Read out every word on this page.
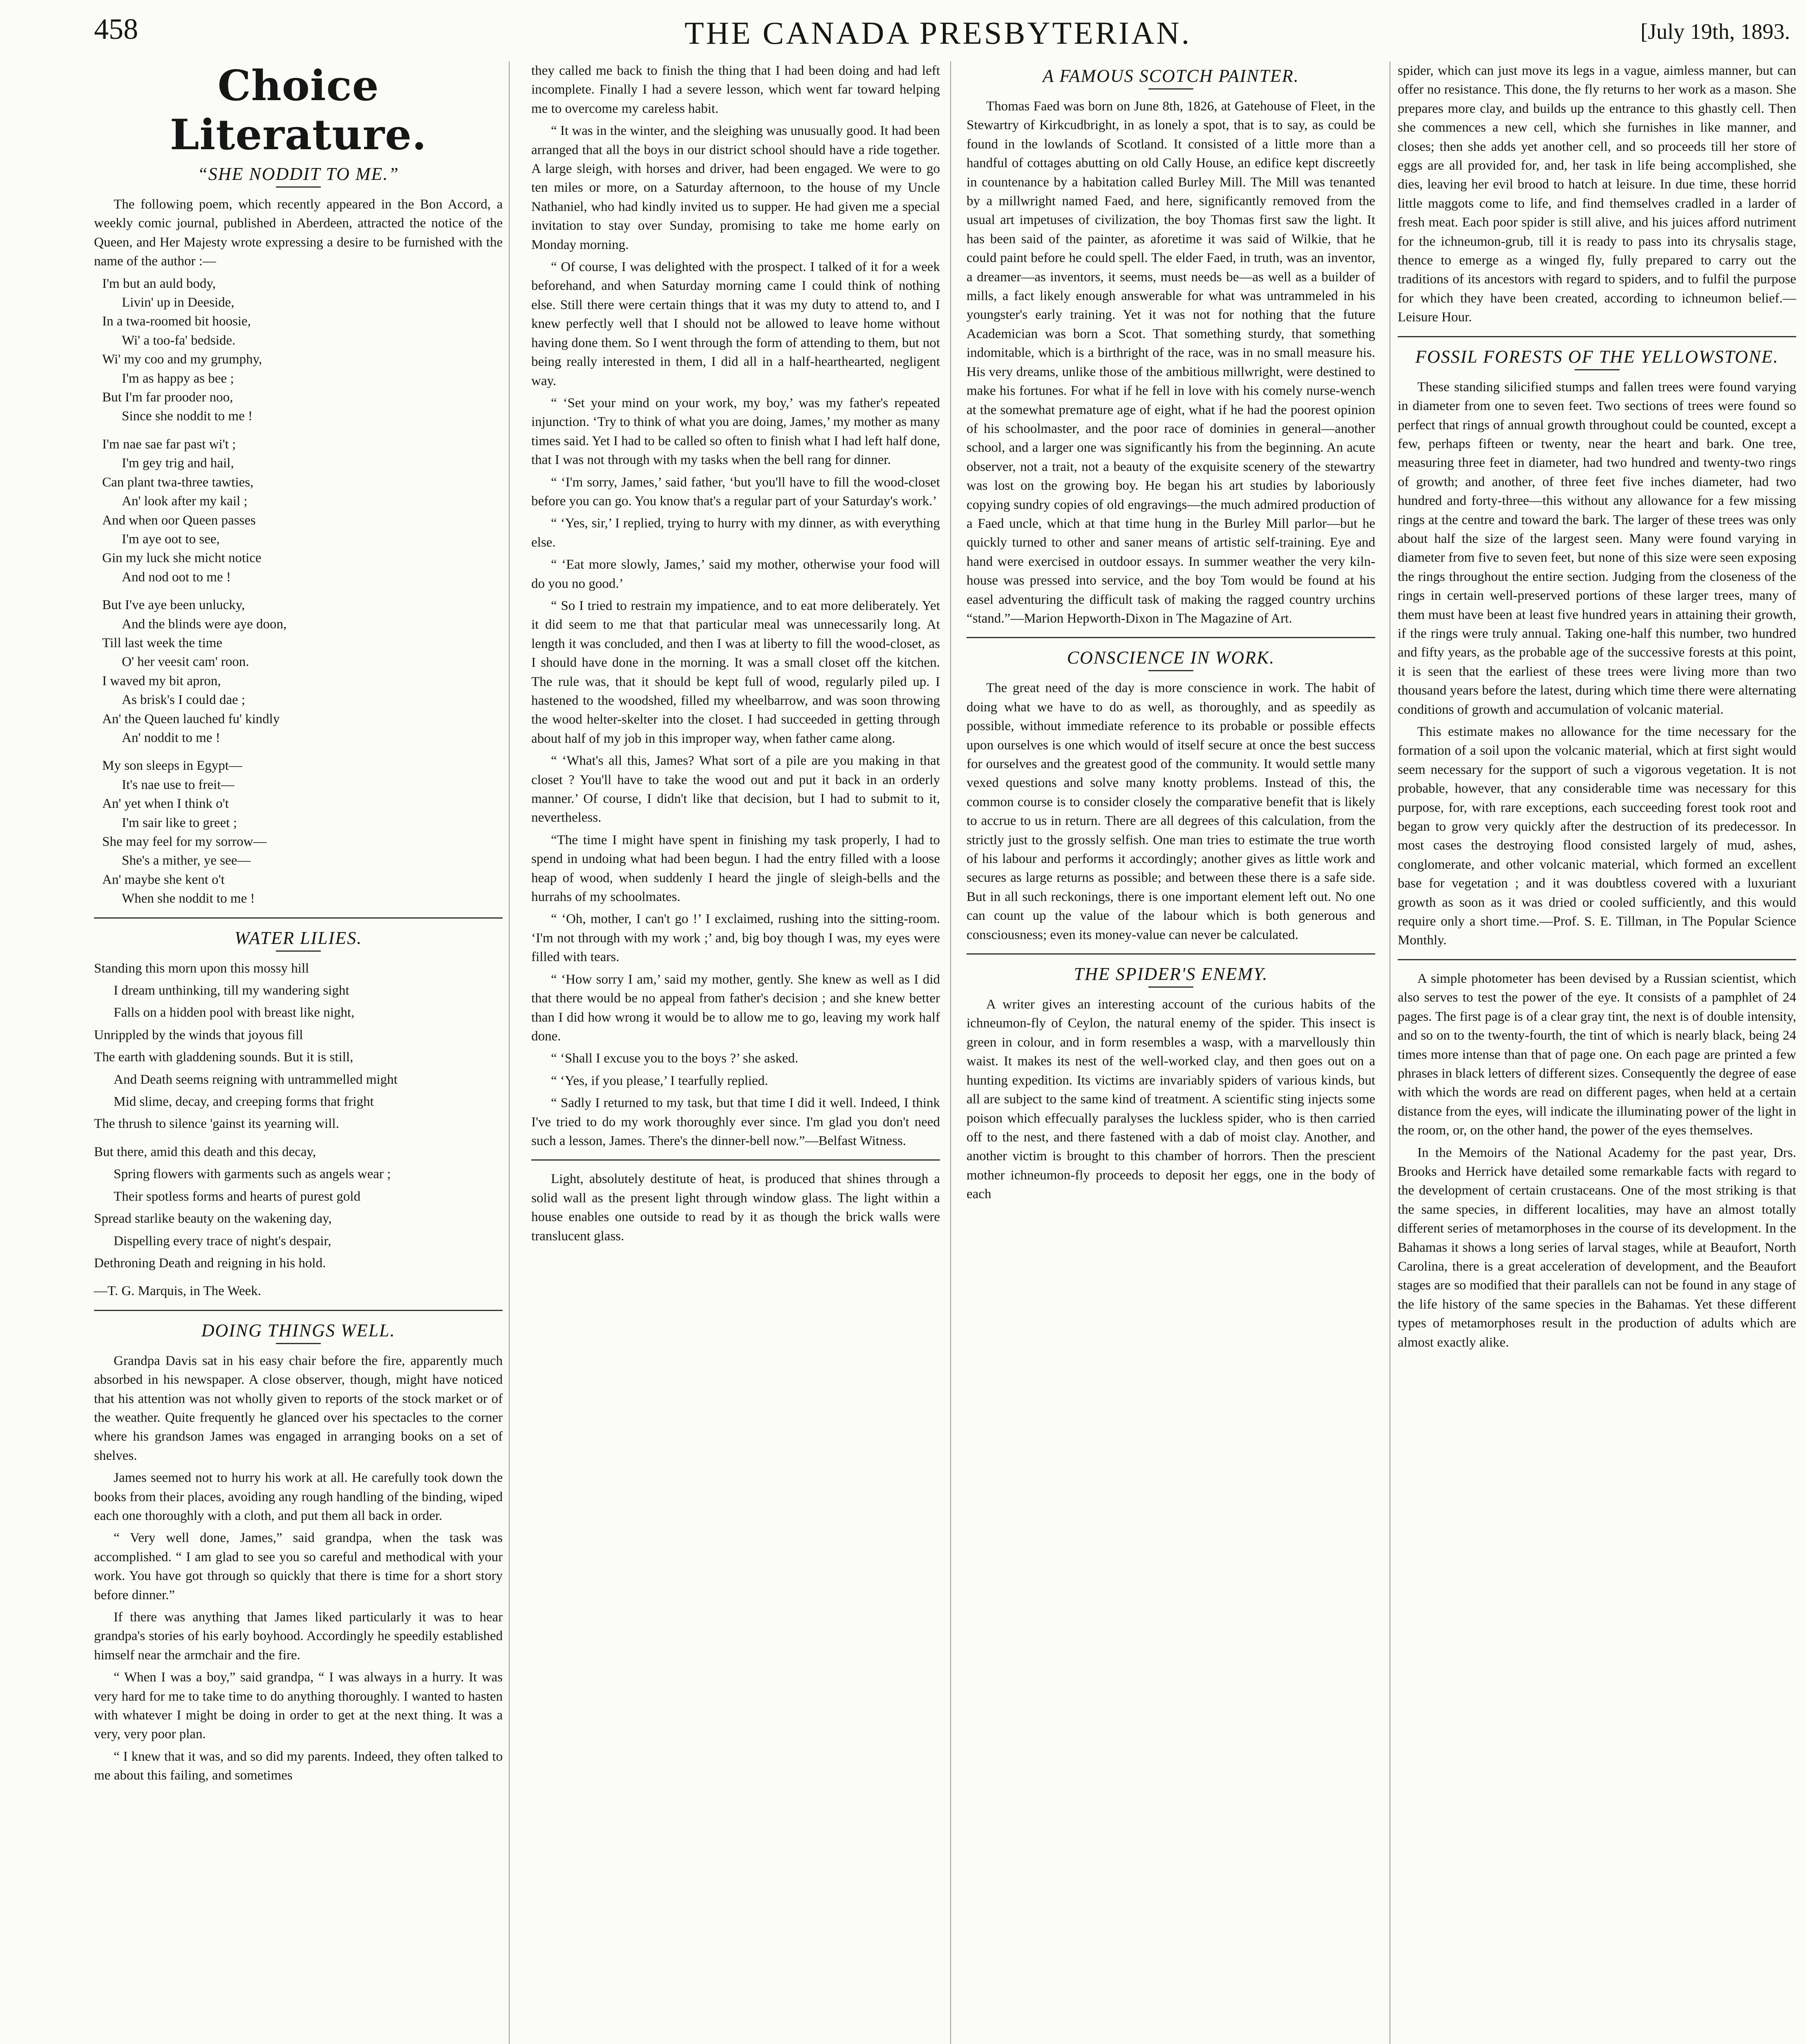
458	THE CANADA PRESBYTERIAN.	[July 19th, 1893.
Choice Literature.
“SHE NODDIT TO ME.”

The following poem, which recently appeared in the Bon Accord, a weekly comic journal, published in Aberdeen, attracted the notice of the Queen, and Her Majesty wrote expressing a desire to be furnished with the name of the author :—

I'm but an auld body,
Livin' up in Deeside,
In a twa-roomed bit hoosie,
Wi' a too-fa' bedside.
Wi' my coo and my grumphy,
I'm as happy as bee ;
But I'm far prooder noo,
Since she noddit to me !
I'm nae sae far past wi't ;
I'm gey trig and hail,
Can plant twa-three tawties,
An' look after my kail ;
And when oor Queen passes
I'm aye oot to see,
Gin my luck she micht notice
And nod oot to me !
But I've aye been unlucky,
And the blinds were aye doon,
Till last week the time
O' her veesit cam' roon.
I waved my bit apron,
As brisk's I could dae ;
An' the Queen lauched fu' kindly
An' noddit to me !
My son sleeps in Egypt—
It's nae use to freit—
An' yet when I think o't
I'm sair like to greet ;
She may feel for my sorrow—
She's a mither, ye see—
An' maybe she kent o't
When she noddit to me !
WATER LILIES.

Standing this morn upon this mossy hill

I dream unthinking, till my wandering sight

Falls on a hidden pool with breast like night,

Unrippled by the winds that joyous fill

The earth with gladdening sounds. But it is still,

And Death seems reigning with untrammelled might

Mid slime, decay, and creeping forms that fright

The thrush to silence 'gainst its yearning will.

But there, amid this death and this decay,

Spring flowers with garments such as angels wear ;

Their spotless forms and hearts of purest gold

Spread starlike beauty on the wakening day,

Dispelling every trace of night's despair,

Dethroning Death and reigning in his hold.

—T. G. Marquis, in The Week.
DOING THINGS WELL.

Grandpa Davis sat in his easy chair before the fire, apparently much absorbed in his newspaper. A close observer, though, might have noticed that his attention was not wholly given to reports of the stock market or of the weather. Quite frequently he glanced over his spectacles to the corner where his grandson James was engaged in arranging books on a set of shelves.

James seemed not to hurry his work at all. He carefully took down the books from their places, avoiding any rough handling of the binding, wiped each one thoroughly with a cloth, and put them all back in order.

“ Very well done, James,” said grandpa, when the task was accomplished. “ I am glad to see you so careful and methodical with your work. You have got through so quickly that there is time for a short story before dinner.”

If there was anything that James liked particularly it was to hear grandpa's stories of his early boyhood. Accordingly he speedily established himself near the armchair and the fire.

“ When I was a boy,” said grandpa, “ I was always in a hurry. It was very hard for me to take time to do anything thoroughly. I wanted to hasten with whatever I might be doing in order to get at the next thing. It was a very, very poor plan.

“ I knew that it was, and so did my parents. Indeed, they often talked to me about this failing, and sometimes

they called me back to finish the thing that I had been doing and had left incomplete. Finally I had a severe lesson, which went far toward helping me to overcome my careless habit.

“ It was in the winter, and the sleighing was unusually good. It had been arranged that all the boys in our district school should have a ride together. A large sleigh, with horses and driver, had been engaged. We were to go ten miles or more, on a Saturday afternoon, to the house of my Uncle Nathaniel, who had kindly invited us to supper. He had given me a special invitation to stay over Sunday, promising to take me home early on Monday morning.

“ Of course, I was delighted with the prospect. I talked of it for a week beforehand, and when Saturday morning came I could think of nothing else. Still there were certain things that it was my duty to attend to, and I knew perfectly well that I should not be allowed to leave home without having done them. So I went through the form of attending to them, but not being really interested in them, I did all in a half-hearthearted, negligent way.

“ ‘Set your mind on your work, my boy,’ was my father's repeated injunction. ‘Try to think of what you are doing, James,’ my mother as many times said. Yet I had to be called so often to finish what I had left half done, that I was not through with my tasks when the bell rang for dinner.

“ ‘I'm sorry, James,’ said father, ‘but you'll have to fill the wood-closet before you can go. You know that's a regular part of your Saturday's work.’

“ ‘Yes, sir,’ I replied, trying to hurry with my dinner, as with everything else.

“ ‘Eat more slowly, James,’ said my mother, otherwise your food will do you no good.’

“ So I tried to restrain my impatience, and to eat more deliberately. Yet it did seem to me that that particular meal was unnecessarily long. At length it was concluded, and then I was at liberty to fill the wood-closet, as I should have done in the morning. It was a small closet off the kitchen. The rule was, that it should be kept full of wood, regularly piled up. I hastened to the woodshed, filled my wheelbarrow, and was soon throwing the wood helter-skelter into the closet. I had succeeded in getting through about half of my job in this improper way, when father came along.

“ ‘What's all this, James? What sort of a pile are you making in that closet ? You'll have to take the wood out and put it back in an orderly manner.’ Of course, I didn't like that decision, but I had to submit to it, nevertheless.

“The time I might have spent in finishing my task properly, I had to spend in undoing what had been begun. I had the entry filled with a loose heap of wood, when suddenly I heard the jingle of sleigh-bells and the hurrahs of my schoolmates.

“ ‘Oh, mother, I can't go !’ I exclaimed, rushing into the sitting-room. ‘I'm not through with my work ;’ and, big boy though I was, my eyes were filled with tears.

“ ‘How sorry I am,’ said my mother, gently. She knew as well as I did that there would be no appeal from father's decision ; and she knew better than I did how wrong it would be to allow me to go, leaving my work half done.

“ ‘Shall I excuse you to the boys ?’ she asked.

“ ‘Yes, if you please,’ I tearfully replied.

“ Sadly I returned to my task, but that time I did it well. Indeed, I think I've tried to do my work thoroughly ever since. I'm glad you don't need such a lesson, James. There's the dinner-bell now.”—Belfast Witness.

Light, absolutely destitute of heat, is produced that shines through a solid wall as the present light through window glass. The light within a house enables one outside to read by it as though the brick walls were translucent glass.

A FAMOUS SCOTCH PAINTER.

Thomas Faed was born on June 8th, 1826, at Gatehouse of Fleet, in the Stewartry of Kirkcudbright, in as lonely a spot, that is to say, as could be found in the lowlands of Scotland. It consisted of a little more than a handful of cottages abutting on old Cally House, an edifice kept discreetly in countenance by a habitation called Burley Mill. The Mill was tenanted by a millwright named Faed, and here, significantly removed from the usual art impetuses of civilization, the boy Thomas first saw the light. It has been said of the painter, as aforetime it was said of Wilkie, that he could paint before he could spell. The elder Faed, in truth, was an inventor, a dreamer—as inventors, it seems, must needs be—as well as a builder of mills, a fact likely enough answerable for what was untrammeled in his youngster's early training. Yet it was not for nothing that the future Academician was born a Scot. That something sturdy, that something indomitable, which is a birthright of the race, was in no small measure his. His very dreams, unlike those of the ambitious millwright, were destined to make his fortunes. For what if he fell in love with his comely nurse-wench at the somewhat premature age of eight, what if he had the poorest opinion of his schoolmaster, and the poor race of dominies in general—another school, and a larger one was significantly his from the beginning. An acute observer, not a trait, not a beauty of the exquisite scenery of the stewartry was lost on the growing boy. He began his art studies by laboriously copying sundry copies of old engravings—the much admired production of a Faed uncle, which at that time hung in the Burley Mill parlor—but he quickly turned to other and saner means of artistic self-training. Eye and hand were exercised in outdoor essays. In summer weather the very kiln-house was pressed into service, and the boy Tom would be found at his easel adventuring the difficult task of making the ragged country urchins “stand.”—Marion Hepworth-Dixon in The Magazine of Art.

CONSCIENCE IN WORK.

The great need of the day is more conscience in work. The habit of doing what we have to do as well, as thoroughly, and as speedily as possible, without immediate reference to its probable or possible effects upon ourselves is one which would of itself secure at once the best success for ourselves and the greatest good of the community. It would settle many vexed questions and solve many knotty problems. Instead of this, the common course is to consider closely the comparative benefit that is likely to accrue to us in return. There are all degrees of this calculation, from the strictly just to the grossly selfish. One man tries to estimate the true worth of his labour and performs it accordingly; another gives as little work and secures as large returns as possible; and between these there is a safe side. But in all such reckonings, there is one important element left out. No one can count up the value of the labour which is both generous and consciousness; even its money-value can never be calculated.

THE SPIDER'S ENEMY.

A writer gives an interesting account of the curious habits of the ichneumon-fly of Ceylon, the natural enemy of the spider. This insect is green in colour, and in form resembles a wasp, with a marvellously thin waist. It makes its nest of the well-worked clay, and then goes out on a hunting expedition. Its victims are invariably spiders of various kinds, but all are subject to the same kind of treatment. A scientific sting injects some poison which effecually paralyses the luckless spider, who is then carried off to the nest, and there fastened with a dab of moist clay. Another, and another victim is brought to this chamber of horrors. Then the prescient mother ichneumon-fly proceeds to deposit her eggs, one in the body of each

spider, which can just move its legs in a vague, aimless manner, but can offer no resistance. This done, the fly returns to her work as a mason. She prepares more clay, and builds up the entrance to this ghastly cell. Then she commences a new cell, which she furnishes in like manner, and closes; then she adds yet another cell, and so proceeds till her store of eggs are all provided for, and, her task in life being accomplished, she dies, leaving her evil brood to hatch at leisure. In due time, these horrid little maggots come to life, and find themselves cradled in a larder of fresh meat. Each poor spider is still alive, and his juices afford nutriment for the ichneumon-grub, till it is ready to pass into its chrysalis stage, thence to emerge as a winged fly, fully prepared to carry out the traditions of its ancestors with regard to spiders, and to fulfil the purpose for which they have been created, according to ichneumon belief.—Leisure Hour.

FOSSIL FORESTS OF THE YELLOWSTONE.

These standing silicified stumps and fallen trees were found varying in diameter from one to seven feet. Two sections of trees were found so perfect that rings of annual growth throughout could be counted, except a few, perhaps fifteen or twenty, near the heart and bark. One tree, measuring three feet in diameter, had two hundred and twenty-two rings of growth; and another, of three feet five inches diameter, had two hundred and forty-three—this without any allowance for a few missing rings at the centre and toward the bark. The larger of these trees was only about half the size of the largest seen. Many were found varying in diameter from five to seven feet, but none of this size were seen exposing the rings throughout the entire section. Judging from the closeness of the rings in certain well-preserved portions of these larger trees, many of them must have been at least five hundred years in attaining their growth, if the rings were truly annual. Taking one-half this number, two hundred and fifty years, as the probable age of the successive forests at this point, it is seen that the earliest of these trees were living more than two thousand years before the latest, during which time there were alternating conditions of growth and accumulation of volcanic material.

This estimate makes no allowance for the time necessary for the formation of a soil upon the volcanic material, which at first sight would seem necessary for the support of such a vigorous vegetation. It is not probable, however, that any considerable time was necessary for this purpose, for, with rare exceptions, each succeeding forest took root and began to grow very quickly after the destruction of its predecessor. In most cases the destroying flood consisted largely of mud, ashes, conglomerate, and other volcanic material, which formed an excellent base for vegetation ; and it was doubtless covered with a luxuriant growth as soon as it was dried or cooled sufficiently, and this would require only a short time.—Prof. S. E. Tillman, in The Popular Science Monthly.

A simple photometer has been devised by a Russian scientist, which also serves to test the power of the eye. It consists of a pamphlet of 24 pages. The first page is of a clear gray tint, the next is of double intensity, and so on to the twenty-fourth, the tint of which is nearly black, being 24 times more intense than that of page one. On each page are printed a few phrases in black letters of different sizes. Consequently the degree of ease with which the words are read on different pages, when held at a certain distance from the eyes, will indicate the illuminating power of the light in the room, or, on the other hand, the power of the eyes themselves.

In the Memoirs of the National Academy for the past year, Drs. Brooks and Herrick have detailed some remarkable facts with regard to the development of certain crustaceans. One of the most striking is that the same species, in different localities, may have an almost totally different series of metamorphoses in the course of its development. In the Bahamas it shows a long series of larval stages, while at Beaufort, North Carolina, there is a great acceleration of development, and the Beaufort stages are so modified that their parallels can not be found in any stage of the life history of the same species in the Bahamas. Yet these different types of metamorphoses result in the production of adults which are almost exactly alike.
